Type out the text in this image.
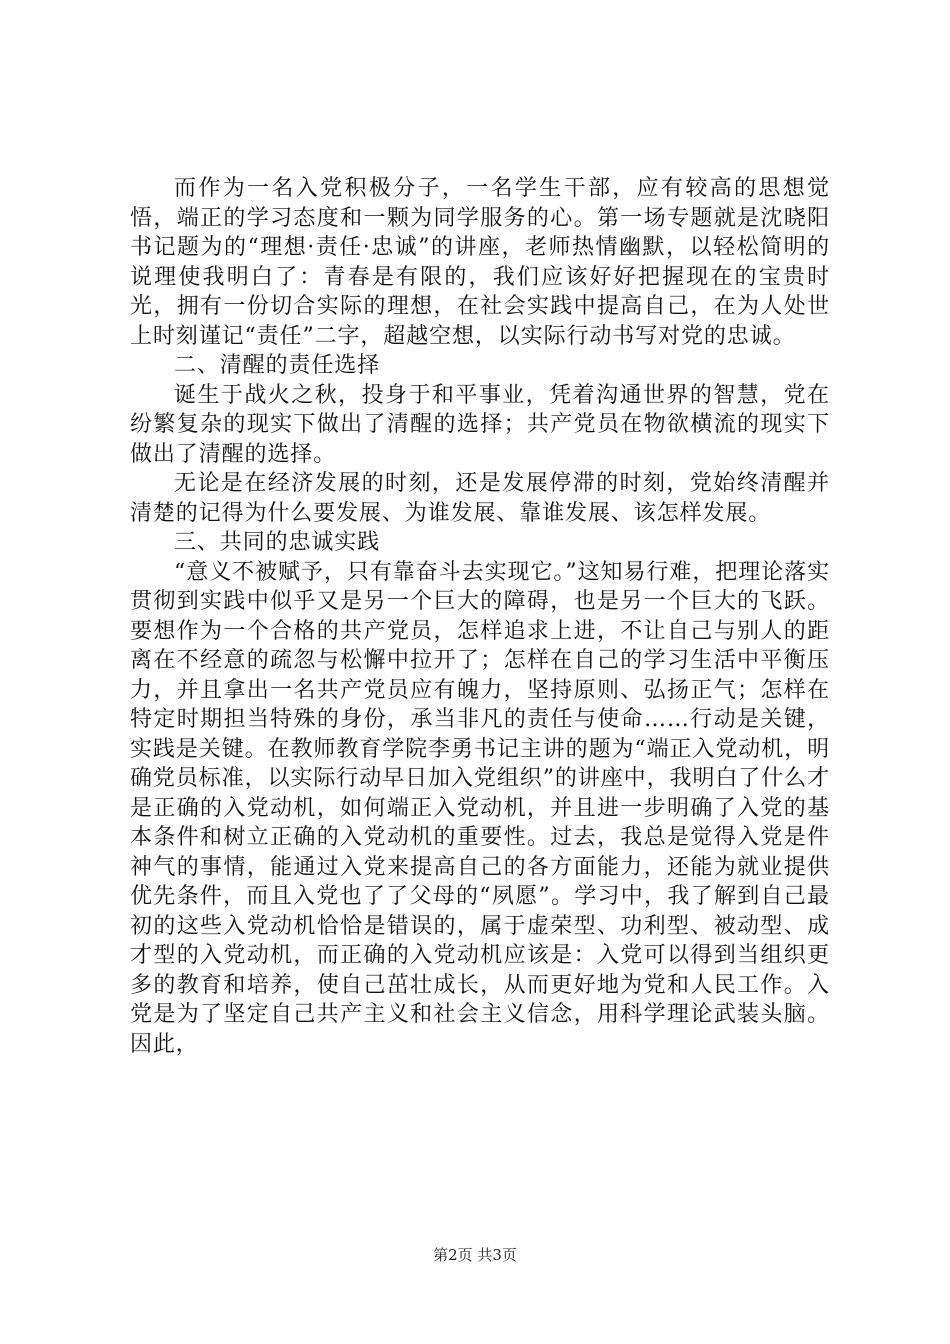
而作为一名入党积极分子，一名学生干部，应有较高的思想觉悟，端正的学习态度和一颗为同学服务的心。第一场专题就是沈晓阳书记题为的“理想·责任·忠诚”的讲座，老师热情幽默，以轻松简明的说理使我明白了：青春是有限的，我们应该好好把握现在的宝贵时光，拥有一份切合实际的理想，在社会实践中提高自己，在为人处世上时刻谨记“责任”二字，超越空想，以实际行动书写对党的忠诚。

二、清醒的责任选择

诞生于战火之秋，投身于和平事业，凭着沟通世界的智慧，党在纷繁复杂的现实下做出了清醒的选择；共产党员在物欲横流的现实下做出了清醒的选择。

无论是在经济发展的时刻，还是发展停滞的时刻，党始终清醒并清楚的记得为什么要发展、为谁发展、靠谁发展、该怎样发展。

三、共同的忠诚实践

“意义不被赋予，只有靠奋斗去实现它。”这知易行难，把理论落实贯彻到实践中似乎又是另一个巨大的障碍，也是另一个巨大的飞跃。要想作为一个合格的共产党员，怎样追求上进，不让自己与别人的距离在不经意的疏忽与松懈中拉开了；怎样在自己的学习生活中平衡压力，并且拿出一名共产党员应有魄力，坚持原则、弘扬正气；怎样在特定时期担当特殊的身份，承当非凡的责任与使命……行动是关键，实践是关键。在教师教育学院李勇书记主讲的题为“端正入党动机，明确党员标准，以实际行动早日加入党组织”的讲座中，我明白了什么才是正确的入党动机，如何端正入党动机，并且进一步明确了入党的基本条件和树立正确的入党动机的重要性。过去，我总是觉得入党是件神气的事情，能通过入党来提高自己的各方面能力，还能为就业提供优先条件，而且入党也了了父母的“夙愿”。学习中，我了解到自己最初的这些入党动机恰恰是错误的，属于虚荣型、功利型、被动型、成才型的入党动机，而正确的入党动机应该是：入党可以得到当组织更多的教育和培养，使自己茁壮成长，从而更好地为党和人民工作。入党是为了坚定自己共产主义和社会主义信念，用科学理论武装头脑。因此，

第2页 共3页
